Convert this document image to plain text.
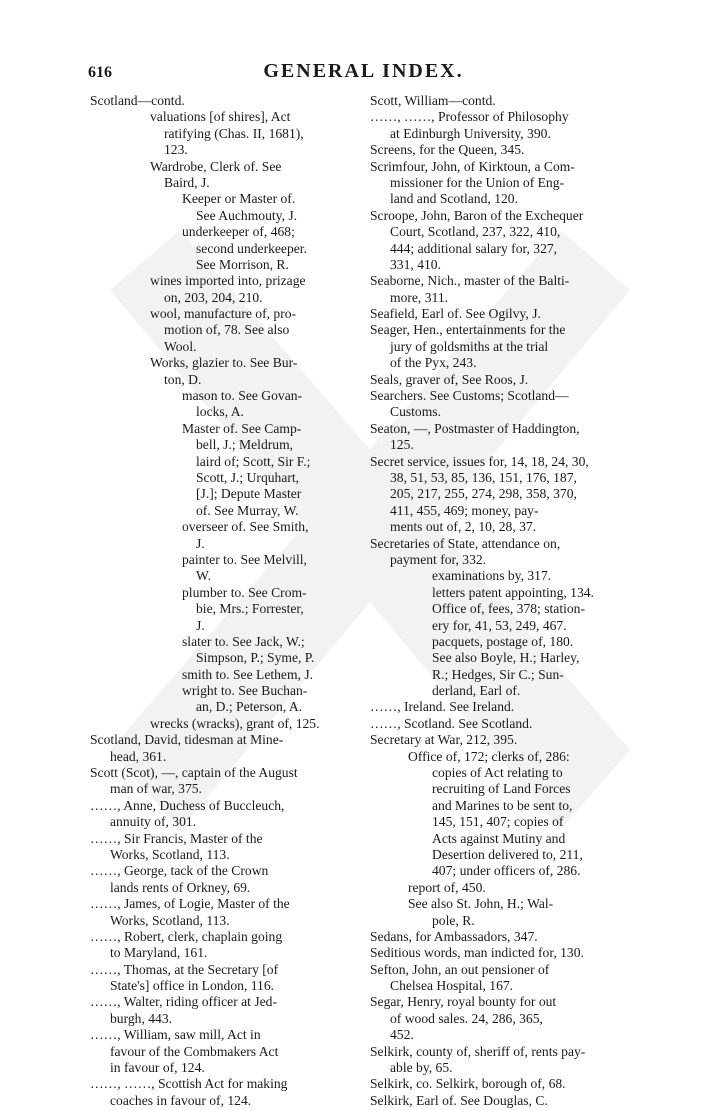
616	GENERAL INDEX.
Scotland—contd.
valuations [of shires], Act
ratifying (Chas. II, 1681),
123.
Wardrobe, Clerk of. See
Baird, J.
Keeper or Master of.
See Auchmouty, J.
underkeeper of, 468;
second underkeeper.
See Morrison, R.
wines imported into, prizage
on, 203, 204, 210.
wool, manufacture of, pro-
motion of, 78. See also
Wool.
Works, glazier to. See Bur-
ton, D.
mason to. See Govan-
locks, A.
Master of. See Camp-
bell, J.; Meldrum,
laird of; Scott, Sir F.;
Scott, J.; Urquhart,
[J.]; Depute Master
of. See Murray, W.
overseer of. See Smith,
J.
painter to. See Melvill,
W.
plumber to. See Crom-
bie, Mrs.; Forrester,
J.
slater to. See Jack, W.;
Simpson, P.; Syme, P.
smith to. See Lethem, J.
wright to. See Buchan-
an, D.; Peterson, A.
wrecks (wracks), grant of, 125.
Scotland, David, tidesman at Mine-
head, 361.
Scott (Scot), —, captain of the August
man of war, 375.
……, Anne, Duchess of Buccleuch,
annuity of, 301.
……, Sir Francis, Master of the
Works, Scotland, 113.
……, George, tack of the Crown
lands rents of Orkney, 69.
……, James, of Logie, Master of the
Works, Scotland, 113.
……, Robert, clerk, chaplain going
to Maryland, 161.
……, Thomas, at the Secretary [of
State's] office in London, 116.
……, Walter, riding officer at Jed-
burgh, 443.
……, William, saw mill, Act in
favour of the Combmakers Act
in favour of, 124.
……, ……, Scottish Act for making
coaches in favour of, 124.
Scott, William—contd.
……, ……, Professor of Philosophy
at Edinburgh University, 390.
Screens, for the Queen, 345.
Scrimfour, John, of Kirktoun, a Com-
missioner for the Union of Eng-
land and Scotland, 120.
Scroope, John, Baron of the Exchequer
Court, Scotland, 237, 322, 410,
444; additional salary for, 327,
331, 410.
Seaborne, Nich., master of the Balti-
more, 311.
Seafield, Earl of. See Ogilvy, J.
Seager, Hen., entertainments for the
jury of goldsmiths at the trial
of the Pyx, 243.
Seals, graver of, See Roos, J.
Searchers. See Customs; Scotland—
Customs.
Seaton, —, Postmaster of Haddington,
125.
Secret service, issues for, 14, 18, 24, 30,
38, 51, 53, 85, 136, 151, 176, 187,
205, 217, 255, 274, 298, 358, 370,
411, 455, 469; money, pay-
ments out of, 2, 10, 28, 37.
Secretaries of State, attendance on,
payment for, 332.
examinations by, 317.
letters patent appointing, 134.
Office of, fees, 378; station-
ery for, 41, 53, 249, 467.
pacquets, postage of, 180.
See also Boyle, H.; Harley,
R.; Hedges, Sir C.; Sun-
derland, Earl of.
……, Ireland. See Ireland.
……, Scotland. See Scotland.
Secretary at War, 212, 395.
Office of, 172; clerks of, 286:
copies of Act relating to
recruiting of Land Forces
and Marines to be sent to,
145, 151, 407; copies of
Acts against Mutiny and
Desertion delivered to, 211,
407; under officers of, 286.
report of, 450.
See also St. John, H.; Wal-
pole, R.
Sedans, for Ambassadors, 347.
Seditious words, man indicted for, 130.
Sefton, John, an out pensioner of
Chelsea Hospital, 167.
Segar, Henry, royal bounty for out
of wood sales. 24, 286, 365,
452.
Selkirk, county of, sheriff of, rents pay-
able by, 65.
Selkirk, co. Selkirk, borough of, 68.
Selkirk, Earl of. See Douglas, C.
